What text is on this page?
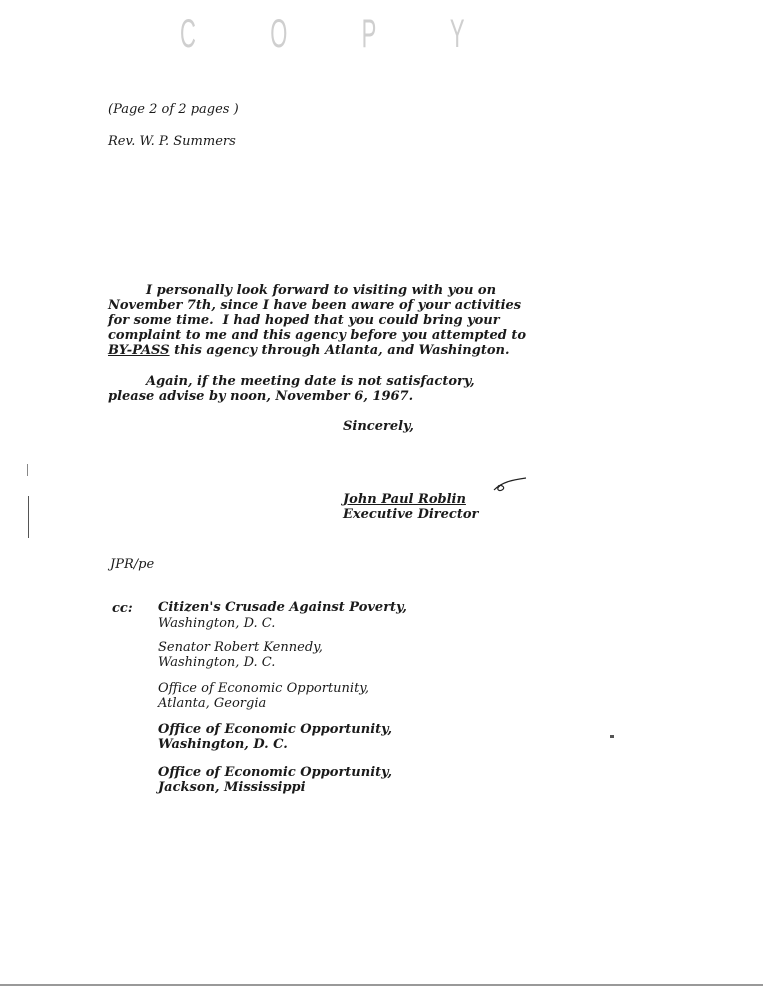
C O P Y
(Page 2 of 2 pages )
Rev. W. P. Summers
I personally look forward to visiting with you on
November 7th, since I have been aware of your activities
for some time.  I had hoped that you could bring your
complaint to me and this agency before you attempted to
BY-PASS this agency through Atlanta, and Washington.
Again, if the meeting date is not satisfactory,
please advise by noon, November 6, 1967.
Sincerely,
John Paul Roblin
Executive Director
JPR/pe
cc: Citizen's Crusade Against Poverty,
Washington, D. C.
Senator Robert Kennedy,
Washington, D. C.
Office of Economic Opportunity,
Atlanta, Georgia
Office of Economic Opportunity,
Washington, D. C.
Office of Economic Opportunity,
Jackson, Mississippi
